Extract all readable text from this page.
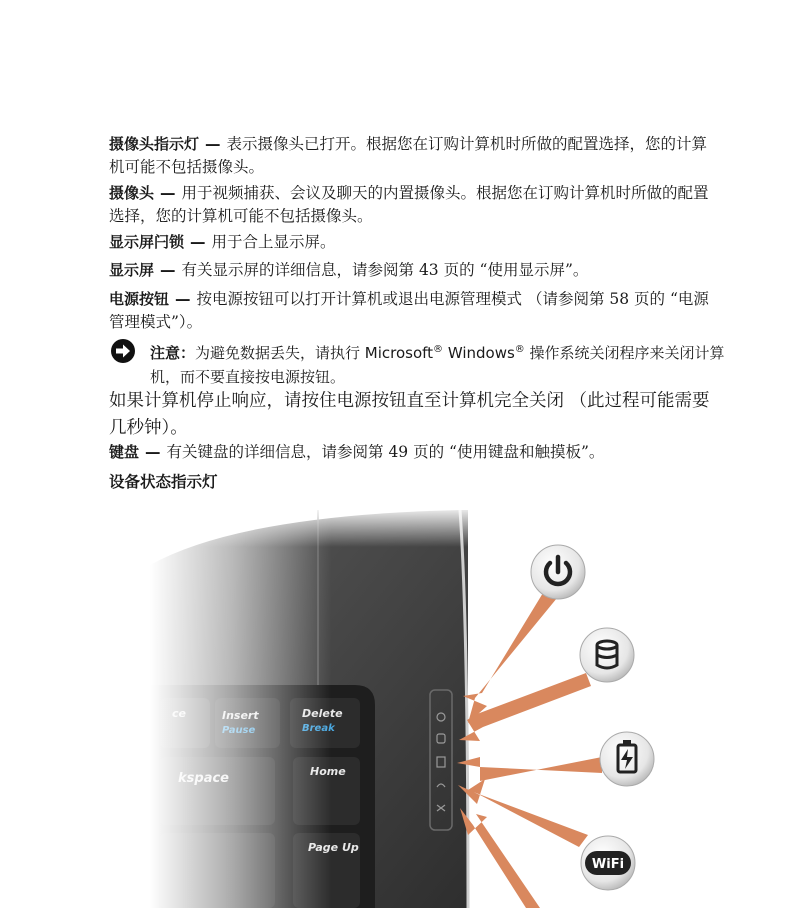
摄像头指示灯 — 表示摄像头已打开。根据您在订购计算机时所做的配置选择，您的计算机可能不包括摄像头。
摄像头 — 用于视频捕获、会议及聊天的内置摄像头。根据您在订购计算机时所做的配置选择，您的计算机可能不包括摄像头。
显示屏闩锁 — 用于合上显示屏。
显示屏 — 有关显示屏的详细信息，请参阅第 43 页的 “使用显示屏”。
电源按钮 — 按电源按钮可以打开计算机或退出电源管理模式 （请参阅第 58 页的 “电源管理模式”）。
注意：为避免数据丢失，请执行 Microsoft® Windows® 操作系统关闭程序来关闭计算机，而不要直接按电源按钮。
如果计算机停止响应，请按住电源按钮直至计算机完全关闭 （此过程可能需要几秒钟）。
键盘 — 有关键盘的详细信息，请参阅第 49 页的 “使用键盘和触摸板”。
设备状态指示灯
WiFi
